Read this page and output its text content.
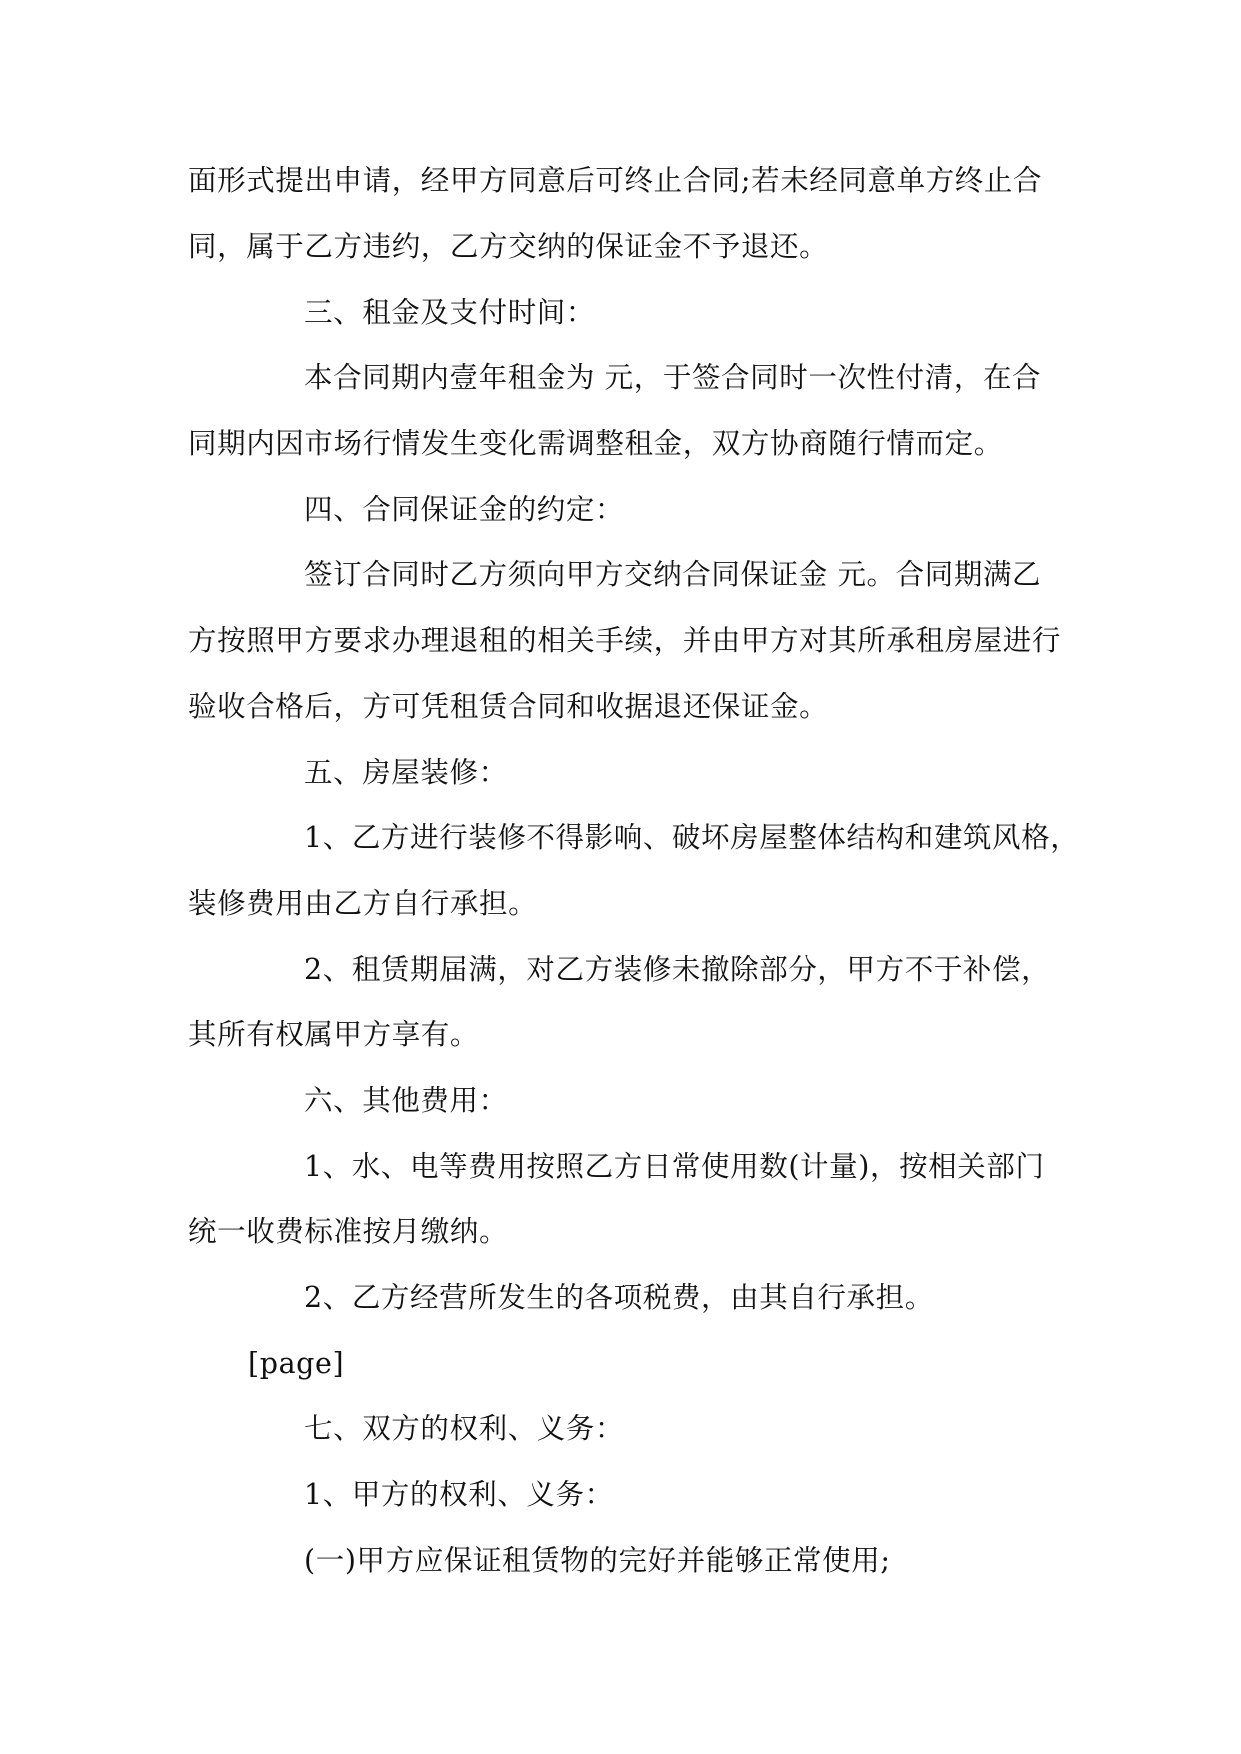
面形式提出申请，经甲方同意后可终止合同;若未经同意单方终止合
同，属于乙方违约，乙方交纳的保证金不予退还。
三、租金及支付时间：
本合同期内壹年租金为 元，于签合同时一次性付清，在合
同期内因市场行情发生变化需调整租金，双方协商随行情而定。
四、合同保证金的约定：
签订合同时乙方须向甲方交纳合同保证金 元。合同期满乙
方按照甲方要求办理退租的相关手续，并由甲方对其所承租房屋进行
验收合格后，方可凭租赁合同和收据退还保证金。
五、房屋装修：
1、乙方进行装修不得影响、破坏房屋整体结构和建筑风格，
装修费用由乙方自行承担。
2、租赁期届满，对乙方装修未撤除部分，甲方不于补偿，
其所有权属甲方享有。
六、其他费用：
1、水、电等费用按照乙方日常使用数(计量)，按相关部门
统一收费标准按月缴纳。
2、乙方经营所发生的各项税费，由其自行承担。
[page]
七、双方的权利、义务：
1、甲方的权利、义务：
(一)甲方应保证租赁物的完好并能够正常使用;
